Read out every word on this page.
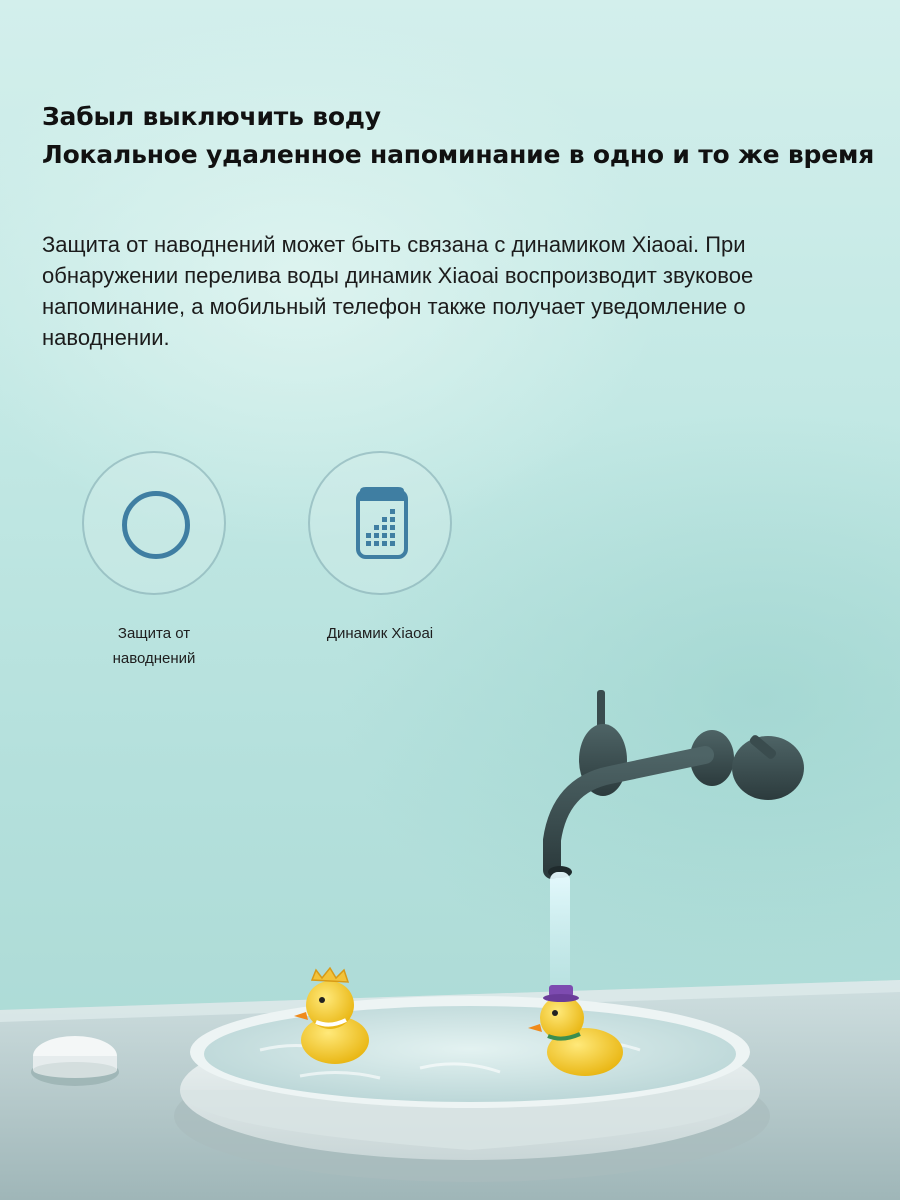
Забыл выключить воду
Локальное удаленное напоминание в одно и то же время

Защита от наводнений может быть связана с динамиком Xiaoai. При обнаружении перелива воды динамик Xiaoai воспроизводит звуковое напоминание, а мобильный телефон также получает уведомление о наводнении.

Защита от наводнений
Динамик Xiaoai
